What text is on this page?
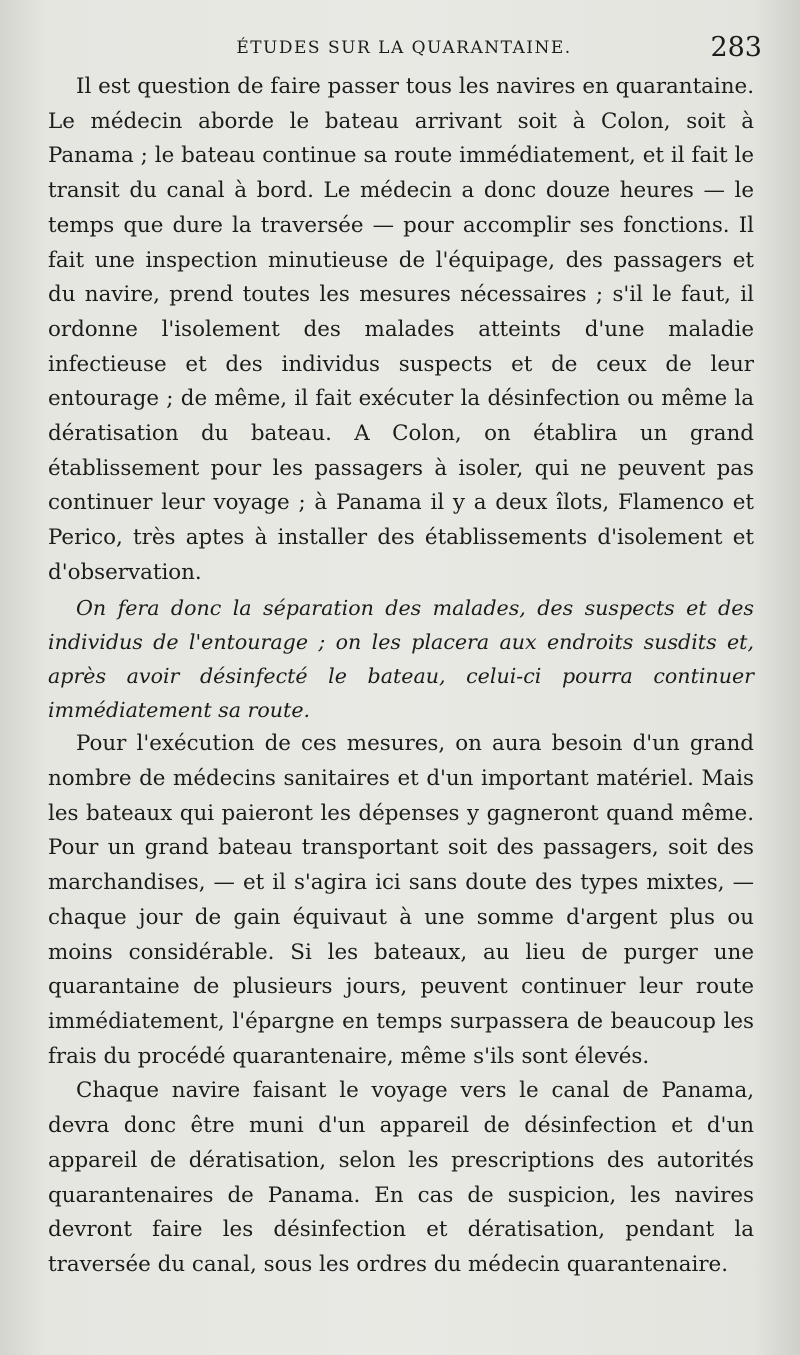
ÉTUDES SUR LA QUARANTAINE.	283

Il est question de faire passer tous les navires en quarantaine. Le médecin aborde le bateau arrivant soit à Colon, soit à Panama ; le bateau continue sa route immédiatement, et il fait le transit du canal à bord. Le médecin a donc douze heures — le temps que dure la traversée — pour accomplir ses fonctions. Il fait une inspection minutieuse de l'équipage, des passagers et du navire, prend toutes les mesures nécessaires ; s'il le faut, il ordonne l'isolement des malades atteints d'une maladie infectieuse et des individus suspects et de ceux de leur entourage ; de même, il fait exécuter la désinfection ou même la dératisation du bateau. A Colon, on établira un grand établissement pour les passagers à isoler, qui ne peuvent pas continuer leur voyage ; à Panama il y a deux îlots, Flamenco et Perico, très aptes à installer des établissements d'isolement et d'observation.

On fera donc la séparation des malades, des suspects et des individus de l'entourage ; on les placera aux endroits susdits et, après avoir désinfecté le bateau, celui-ci pourra continuer immédiatement sa route.

Pour l'exécution de ces mesures, on aura besoin d'un grand nombre de médecins sanitaires et d'un important matériel. Mais les bateaux qui paieront les dépenses y gagneront quand même. Pour un grand bateau transportant soit des passagers, soit des marchandises, — et il s'agira ici sans doute des types mixtes, — chaque jour de gain équivaut à une somme d'argent plus ou moins considérable. Si les bateaux, au lieu de purger une quarantaine de plusieurs jours, peuvent continuer leur route immédiatement, l'épargne en temps surpassera de beaucoup les frais du procédé quarantenaire, même s'ils sont élevés.

Chaque navire faisant le voyage vers le canal de Panama, devra donc être muni d'un appareil de désinfection et d'un appareil de dératisation, selon les prescriptions des autorités quarantenaires de Panama. En cas de suspicion, les navires devront faire les désinfection et dératisation, pendant la traversée du canal, sous les ordres du médecin quarantenaire.
